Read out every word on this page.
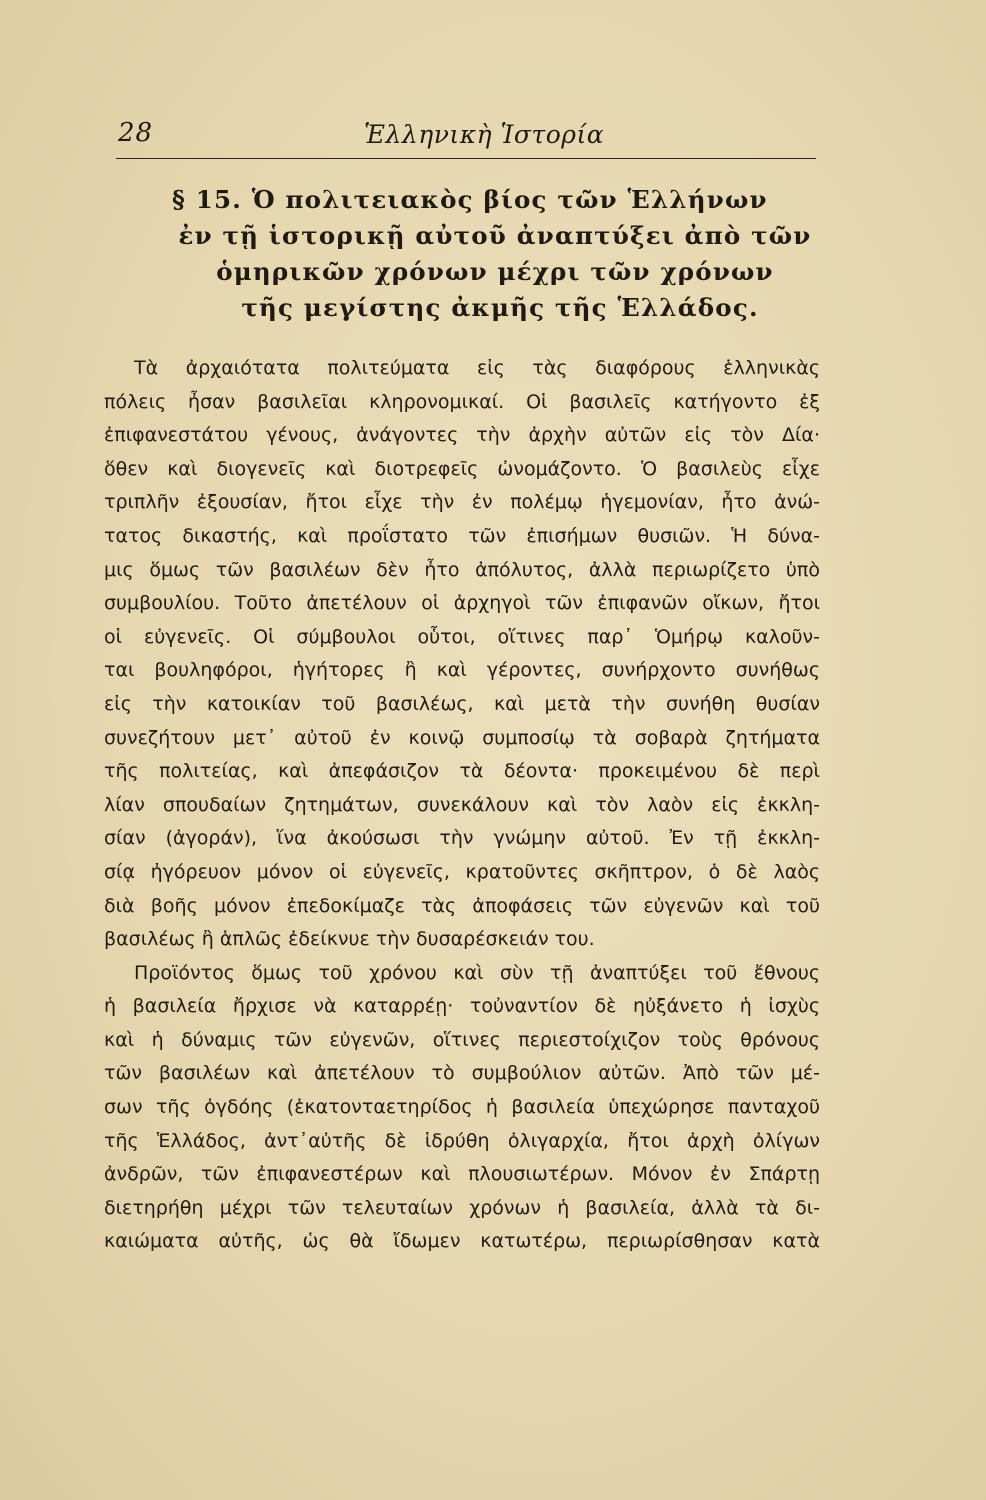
28	Ἑλληνικὴ Ἱστορία
§ 15. Ὁ πολιτειακὸς βίος τῶν Ἑλλήνων
ἐν τῇ ἱστορικῇ αὐτοῦ ἀναπτύξει ἀπὸ τῶν
ὁμηρικῶν χρόνων μέχρι τῶν χρόνων
τῆς μεγίστης ἀκμῆς τῆς Ἑλλάδος.
Τὰ ἀρχαιότατα πολιτεύματα εἰς τὰς διαφόρους ἑλληνικὰς
πόλεις ἦσαν βασιλεῖαι κληρονομικαί. Οἱ βασιλεῖς κατήγοντο ἐξ
ἐπιφανεστάτου γένους, ἀνάγοντες τὴν ἀρχὴν αὐτῶν εἰς τὸν Δία·
ὅθεν καὶ διογενεῖς καὶ διοτρεφεῖς ὠνομάζοντο. Ὁ βασιλεὺς εἶχε
τριπλῆν ἐξουσίαν, ἤτοι εἶχε τὴν ἐν πολέμῳ ἡγεμονίαν, ἦτο ἀνώ-
τατος δικαστής, καὶ προΐστατο τῶν ἐπισήμων θυσιῶν. Ἡ δύνα-
μις ὅμως τῶν βασιλέων δὲν ἦτο ἀπόλυτος, ἀλλὰ περιωρίζετο ὑπὸ
συμβουλίου. Τοῦτο ἀπετέλουν οἱ ἀρχηγοὶ τῶν ἐπιφανῶν οἴκων, ἤτοι
οἱ εὐγενεῖς. Οἱ σύμβουλοι οὗτοι, οἵτινες παρ᾽ Ὁμήρῳ καλοῦν-
ται βουληφόροι, ἡγήτορες ἢ καὶ γέροντες, συνήρχοντο συνήθως
εἰς τὴν κατοικίαν τοῦ βασιλέως, καὶ μετὰ τὴν συνήθη θυσίαν
συνεζήτουν μετ᾽ αὐτοῦ ἐν κοινῷ συμποσίῳ τὰ σοβαρὰ ζητήματα
τῆς πολιτείας, καὶ ἀπεφάσιζον τὰ δέοντα· προκειμένου δὲ περὶ
λίαν σπουδαίων ζητημάτων, συνεκάλουν καὶ τὸν λαὸν εἰς ἐκκλη-
σίαν (ἀγοράν), ἵνα ἀκούσωσι τὴν γνώμην αὐτοῦ. Ἐν τῇ ἐκκλη-
σίᾳ ἠγόρευον μόνον οἱ εὐγενεῖς, κρατοῦντες σκῆπτρον, ὁ δὲ λαὸς
διὰ βοῆς μόνον ἐπεδοκίμαζε τὰς ἀποφάσεις τῶν εὐγενῶν καὶ τοῦ
βασιλέως ἢ ἁπλῶς ἐδείκνυε τὴν δυσαρέσκειάν του.
Προϊόντος ὅμως τοῦ χρόνου καὶ σὺν τῇ ἀναπτύξει τοῦ ἔθνους
ἡ βασιλεία ἤρχισε νὰ καταρρέῃ· τοὐναντίον δὲ ηὐξάνετο ἡ ἰσχὺς
καὶ ἡ δύναμις τῶν εὐγενῶν, οἵτινες περιεστοίχιζον τοὺς θρόνους
τῶν βασιλέων καὶ ἀπετέλουν τὸ συμβούλιον αὐτῶν. Ἀπὸ τῶν μέ-
σων τῆς ὀγδόης (ἑκατονταετηρίδος ἡ βασιλεία ὑπεχώρησε πανταχοῦ
τῆς Ἑλλάδος, ἀντ᾽αὐτῆς δὲ ἱδρύθη ὀλιγαρχία, ἤτοι ἀρχὴ ὀλίγων
ἀνδρῶν, τῶν ἐπιφανεστέρων καὶ πλουσιωτέρων. Μόνον ἐν Σπάρτῃ
διετηρήθη μέχρι τῶν τελευταίων χρόνων ἡ βασιλεία, ἀλλὰ τὰ δι-
καιώματα αὐτῆς, ὡς θὰ ἴδωμεν κατωτέρω, περιωρίσθησαν κατὰ
